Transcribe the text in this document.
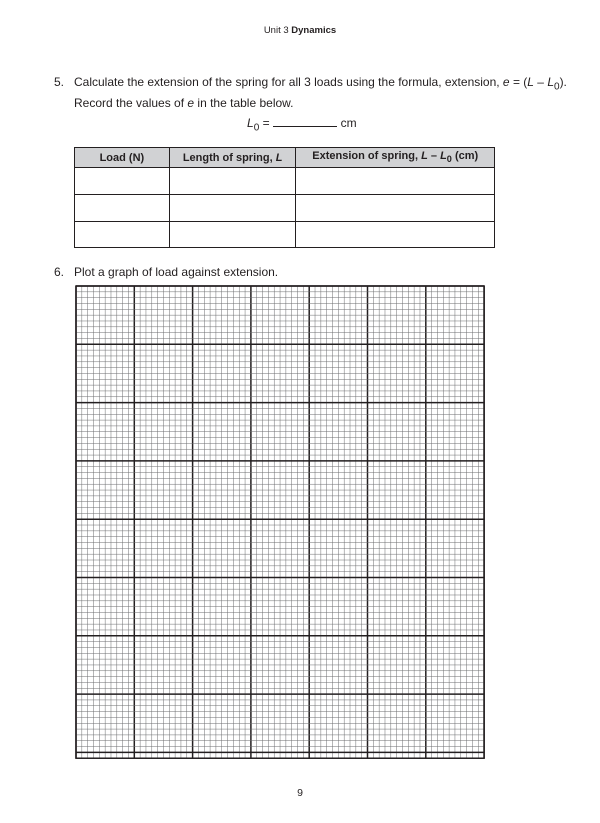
Unit 3 Dynamics
5. Calculate the extension of the spring for all 3 loads using the formula, extension, $e = (L - L_0)$.
Record the values of e in the table below.
$L_0$ =	cm
Load (N)	Length of spring, L	Extension of spring, L – $L_0$ (cm)

6. Plot a graph of load against extension.
9
